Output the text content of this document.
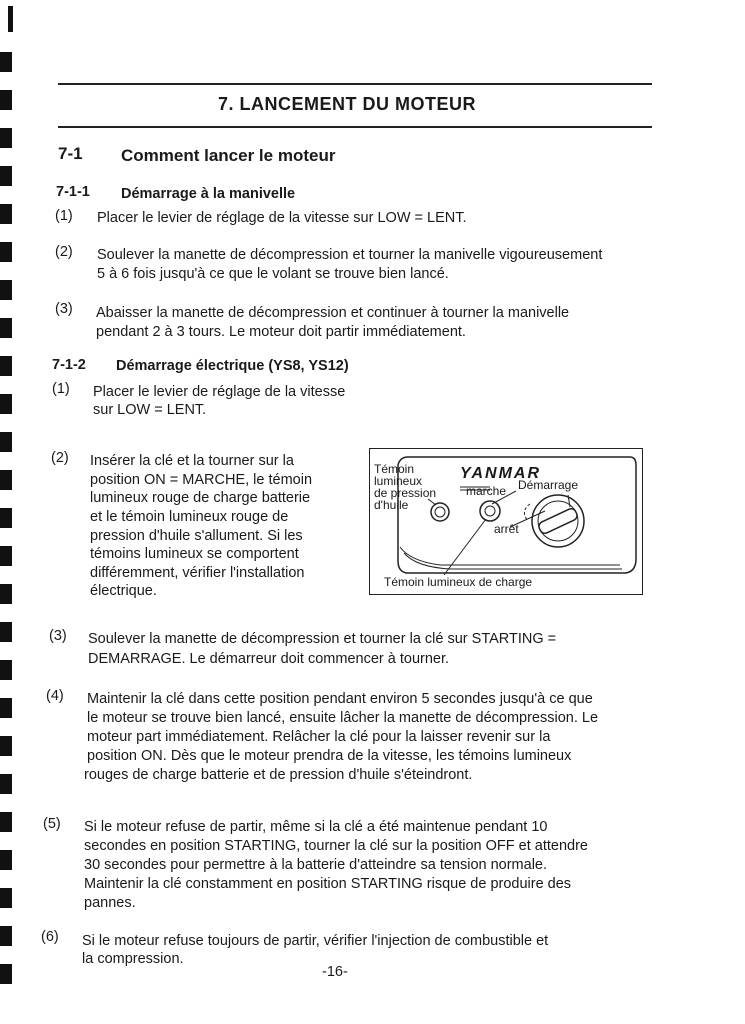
7. LANCEMENT DU MOTEUR
7-1 Comment lancer le moteur
7-1-1 Démarrage à la manivelle
(1) Placer le levier de réglage de la vitesse sur LOW = LENT.
(2) Soulever la manette de décompression et tourner la manivelle vigoureusement
5 à 6 fois jusqu'à ce que le volant se trouve bien lancé.
(3) Abaisser la manette de décompression et continuer à tourner la manivelle
pendant 2 à 3 tours. Le moteur doit partir immédiatement.
7-1-2 Démarrage électrique (YS8, YS12)
(1) Placer le levier de réglage de la vitesse
sur LOW = LENT.
(2) Insérer la clé et la tourner sur la
position ON = MARCHE, le témoin
lumineux rouge de charge batterie
et le témoin lumineux rouge de
pression d'huile s'allument. Si les
témoins lumineux se comportent
différemment, vérifier l'installation
électrique.
YANMAR
Témoin
lumineux
de pression
d'huile
marche Démarrage
arrêt
Témoin lumineux de charge
(3) Soulever la manette de décompression et tourner la clé sur STARTING =
DEMARRAGE. Le démarreur doit commencer à tourner.
(4) Maintenir la clé dans cette position pendant environ 5 secondes jusqu'à ce que
le moteur se trouve bien lancé, ensuite lâcher la manette de décompression. Le
moteur part immédiatement. Relâcher la clé pour la laisser revenir sur la
position ON. Dès que le moteur prendra de la vitesse, les témoins lumineux
rouges de charge batterie et de pression d'huile s'éteindront.
(5) Si le moteur refuse de partir, même si la clé a été maintenue pendant 10
secondes en position STARTING, tourner la clé sur la position OFF et attendre
30 secondes pour permettre à la batterie d'atteindre sa tension normale.
Maintenir la clé constamment en position STARTING risque de produire des
pannes.
(6) Si le moteur refuse toujours de partir, vérifier l'injection de combustible et
la compression.
-16-
